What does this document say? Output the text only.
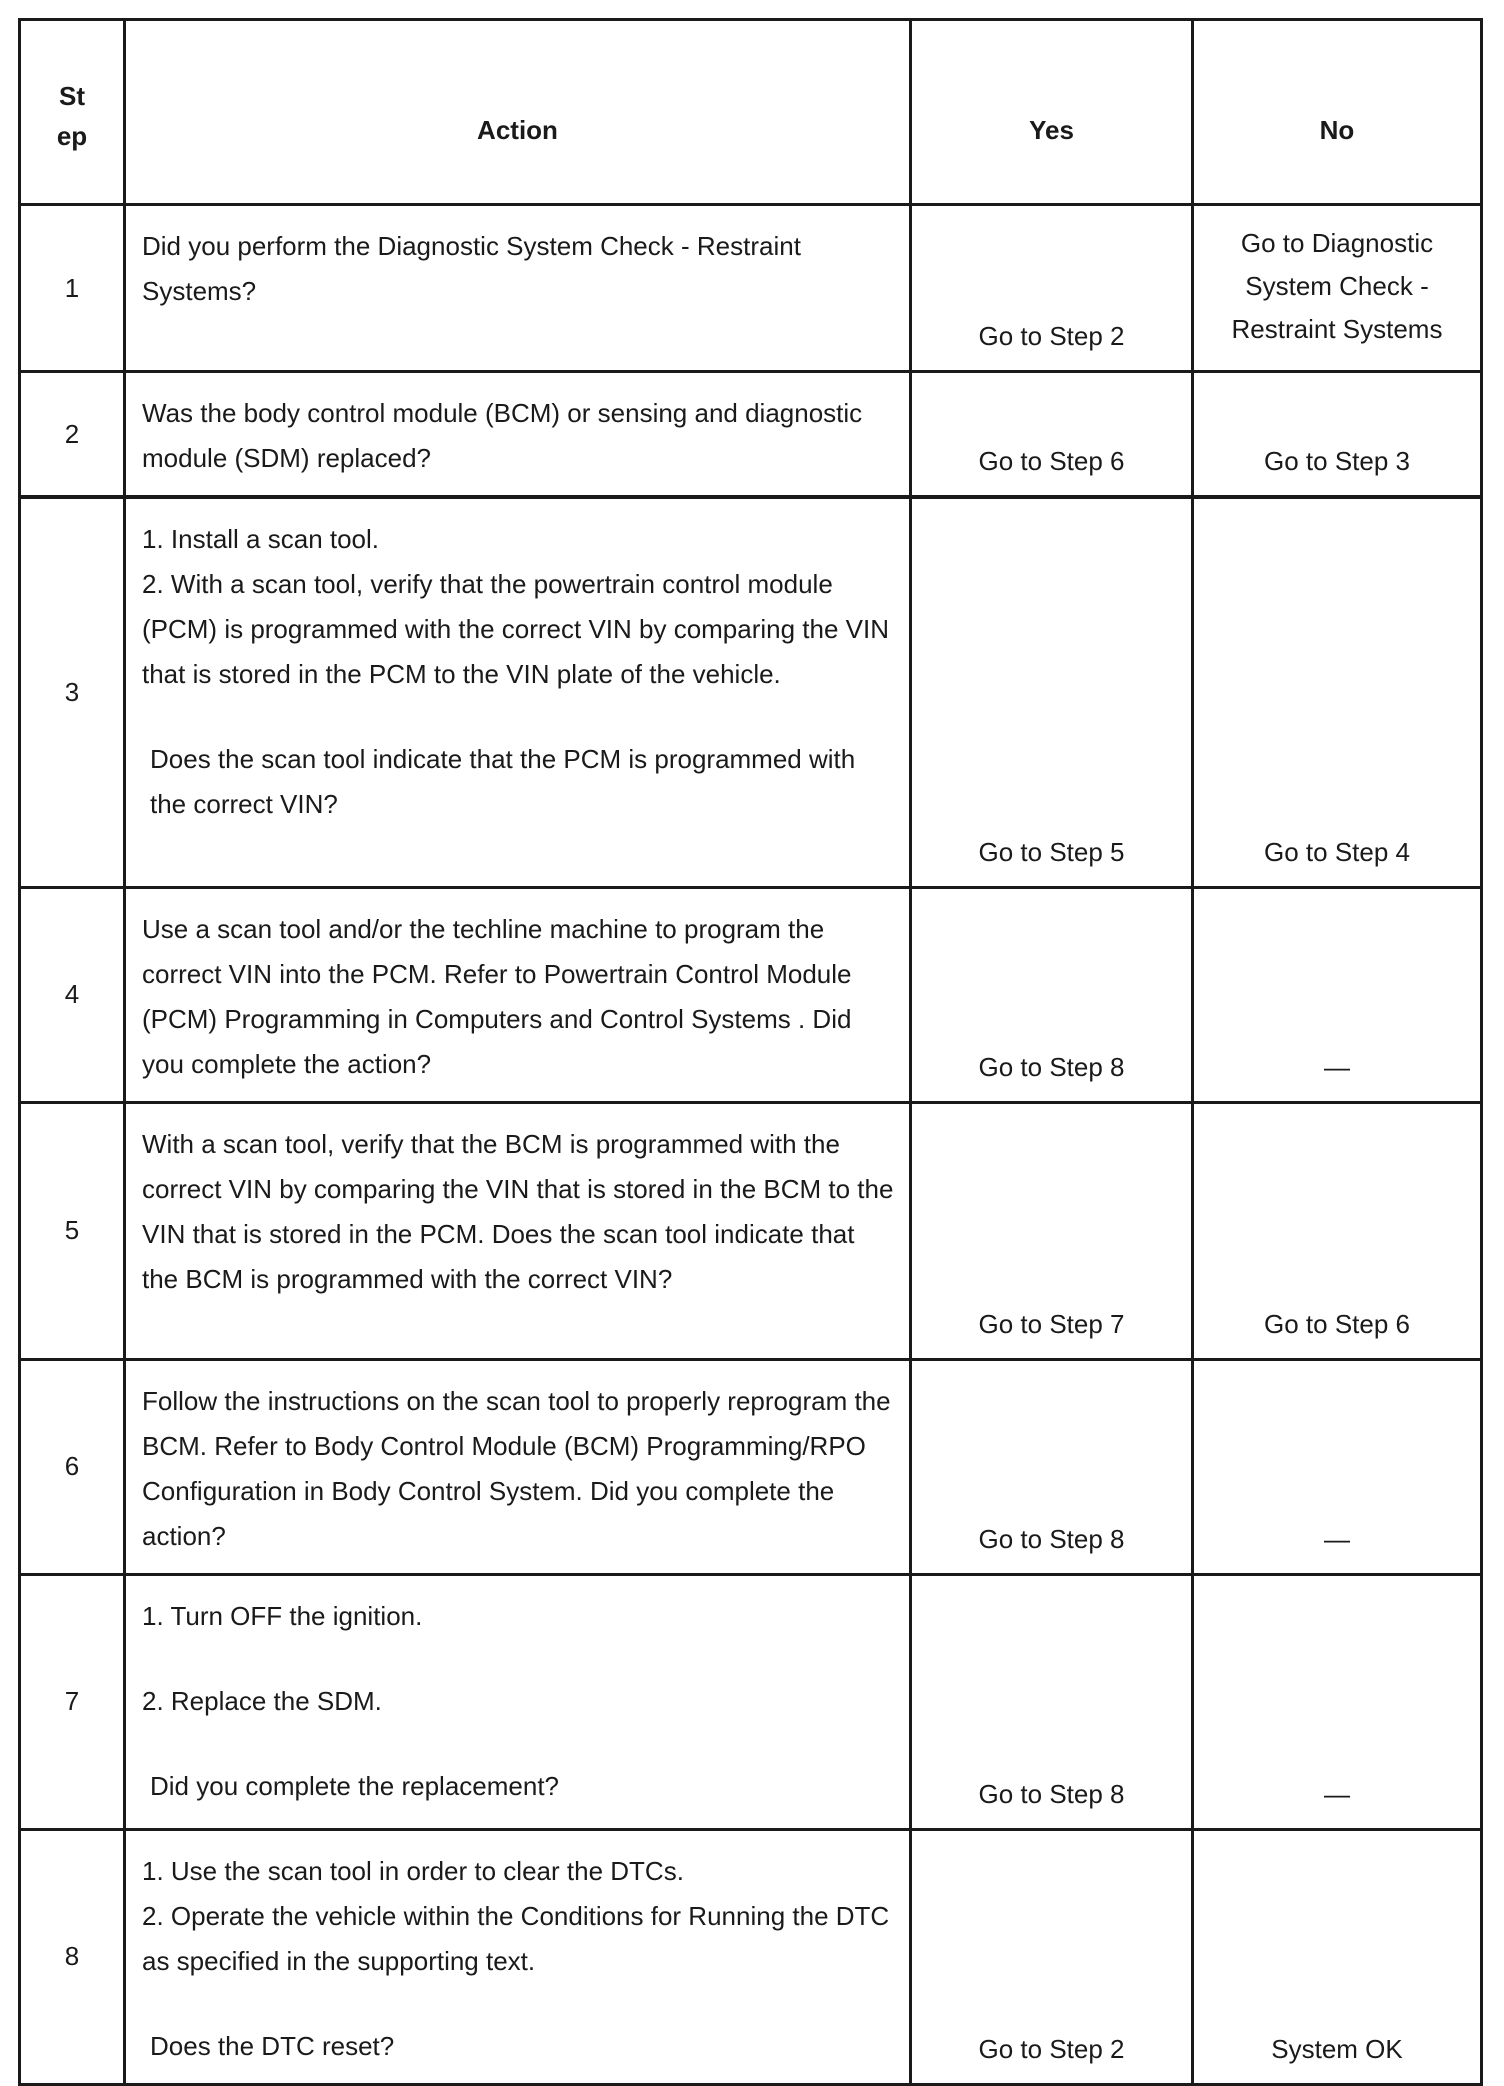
St
ep	Action	Yes	No
1	Did you perform the Diagnostic System Check - Restraint Systems?	Go to Step 2	Go to Diagnostic System Check - Restraint Systems
2	Was the body control module (BCM) or sensing and diagnostic module (SDM) replaced?	Go to Step 6	Go to Step 3
3	1. Install a scan tool.

2. With a scan tool, verify that the powertrain control module (PCM) is programmed with the correct VIN by comparing the VIN that is stored in the PCM to the VIN plate of the vehicle.

Does the scan tool indicate that the PCM is programmed with the correct VIN?	Go to Step 5	Go to Step 4
4	Use a scan tool and/or the techline machine to program the correct VIN into the PCM. Refer to Powertrain Control Module (PCM) Programming in Computers and Control Systems . Did you complete the action?	Go to Step 8	—
5	With a scan tool, verify that the BCM is programmed with the correct VIN by comparing the VIN that is stored in the BCM to the VIN that is stored in the PCM. Does the scan tool indicate that the BCM is programmed with the correct VIN?	Go to Step 7	Go to Step 6
6	Follow the instructions on the scan tool to properly reprogram the BCM. Refer to Body Control Module (BCM) Programming/RPO Configuration in Body Control System. Did you complete the action?	Go to Step 8	—
7	1. Turn OFF the ignition.

2. Replace the SDM.

Did you complete the replacement?	Go to Step 8	—
8	1. Use the scan tool in order to clear the DTCs.

2. Operate the vehicle within the Conditions for Running the DTC as specified in the supporting text.

Does the DTC reset?	Go to Step 2	System OK
